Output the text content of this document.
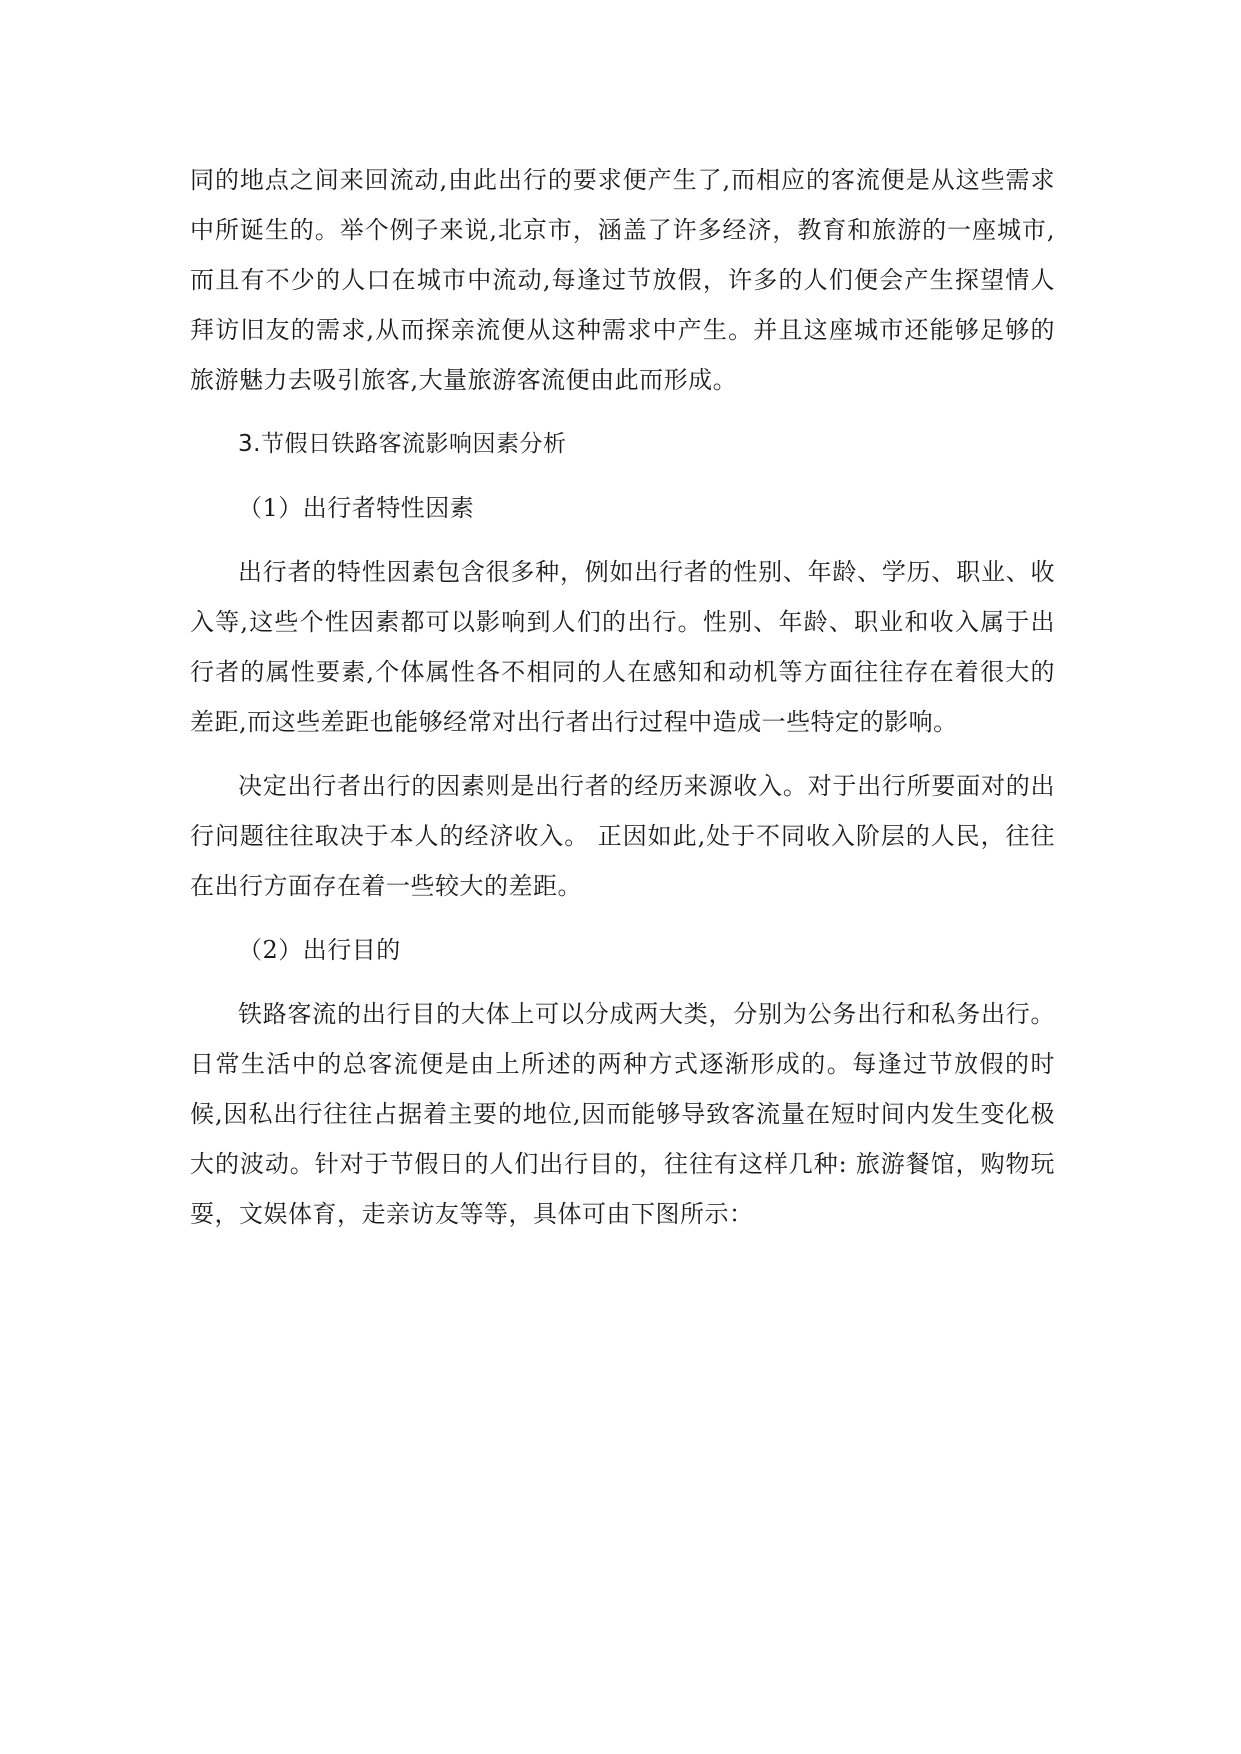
同的地点之间来回流动,由此出行的要求便产生了,而相应的客流便是从这些需求中所诞生的。举个例子来说,北京市，涵盖了许多经济，教育和旅游的一座城市,而且有不少的人口在城市中流动,每逢过节放假，许多的人们便会产生探望情人拜访旧友的需求,从而探亲流便从这种需求中产生。并且这座城市还能够足够的旅游魅力去吸引旅客,大量旅游客流便由此而形成。

3.节假日铁路客流影响因素分析
（1）出行者特性因素

出行者的特性因素包含很多种，例如出行者的性别、年龄、学历、职业、收入等,这些个性因素都可以影响到人们的出行。性别、年龄、职业和收入属于出行者的属性要素,个体属性各不相同的人在感知和动机等方面往往存在着很大的差距,而这些差距也能够经常对出行者出行过程中造成一些特定的影响。

决定出行者出行的因素则是出行者的经历来源收入。对于出行所要面对的出行问题往往取决于本人的经济收入。 正因如此,处于不同收入阶层的人民，往往在出行方面存在着一些较大的差距。

（2）出行目的

铁路客流的出行目的大体上可以分成两大类，分别为公务出行和私务出行。日常生活中的总客流便是由上所述的两种方式逐渐形成的。每逢过节放假的时候,因私出行往往占据着主要的地位,因而能够导致客流量在短时间内发生变化极大的波动。针对于节假日的人们出行目的，往往有这样几种: 旅游餐馆，购物玩耍，文娱体育，走亲访友等等，具体可由下图所示：
